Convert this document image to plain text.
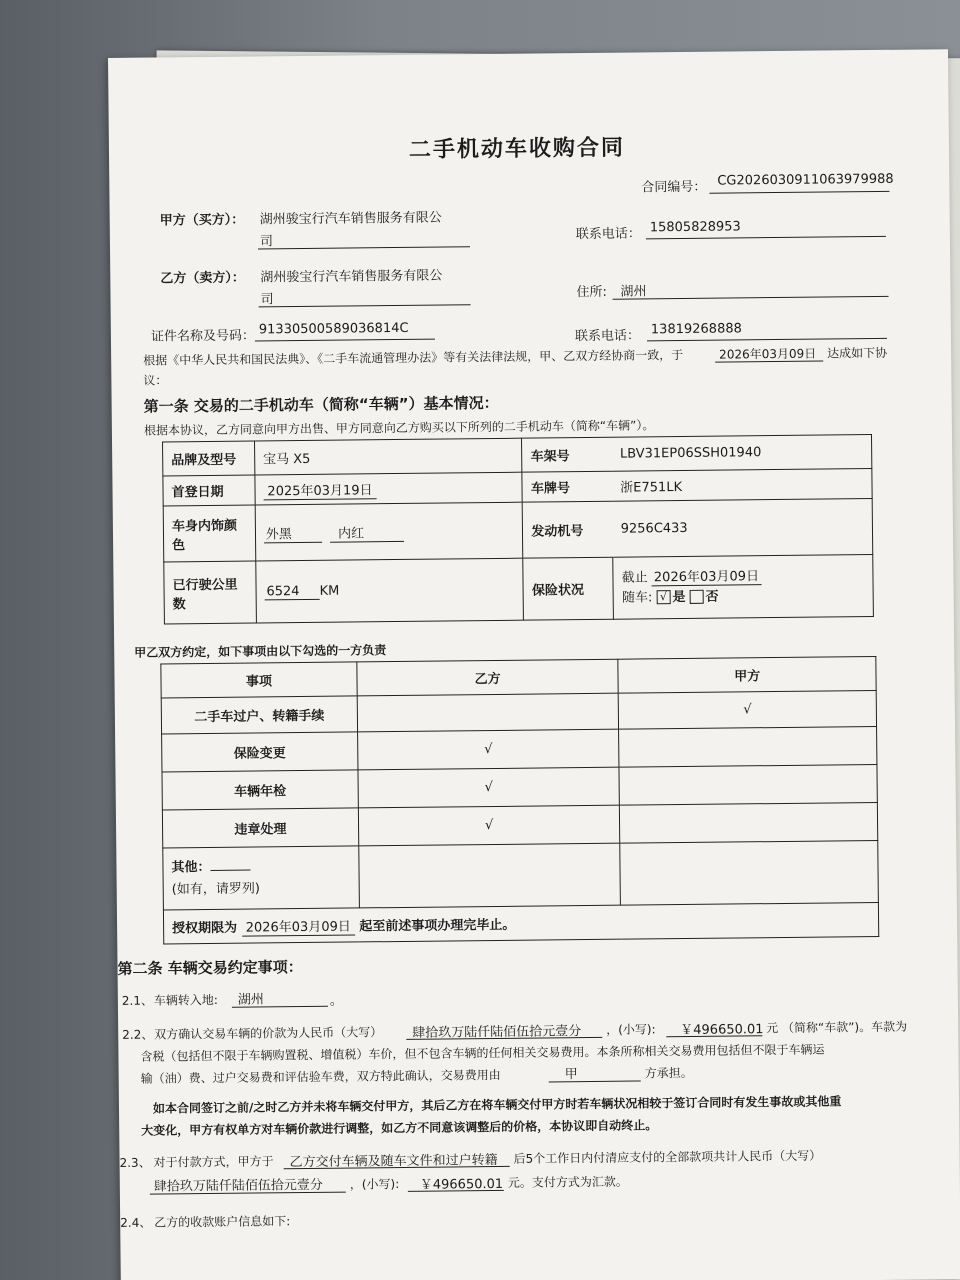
二手机动车收购合同
合同编号： CG2026030911063979988
甲方（买方）： 湖州骏宝行汽车销售服务有限公
司	联系电话： 15805828953
乙方（卖方）： 湖州骏宝行汽车销售服务有限公
司	住所: 湖州
证件名称及号码： 91330500589036814C	联系电话： 13819268888
根据《中华人民共和国民法典》、《二手车流通管理办法》等有关法律法规，甲、乙双方经协商一致，于	2026年03月09日 达成如下协
议：
第一条 交易的二手机动车（简称“车辆”）基本情况：
根据本协议，乙方同意向甲方出售、甲方同意向乙方购买以下所列的二手机动车（简称“车辆”）。
品牌及型号	宝马 X5	车架号	LBV31EP06SSH01940
首登日期	2025年03月19日	车牌号	浙E751LK
车身内饰颜
色	外黑 内红	发动机号	9256C433
已行驶公里
数	6524 KM	保险状况	截止 2026年03月09日
随车: √ 是 否
甲乙双方约定，如下事项由以下勾选的一方负责
事项	乙方	甲方
二手车过户、转籍手续		√
保险变更	√	
车辆年检	√	
违章处理	√	
其他：
(如有，请罗列)		
授权期限为 2026年03月09日 起至前述事项办理完毕止。		
第二条 车辆交易约定事项：
2.1、 车辆转入地: 湖州	。
2.2、 双方确认交易车辆的价款为人民币（大写） 肆拾玖万陆仟陆佰伍拾元壹分 ，(小写): ￥496650.01 元 （简称“车款”)。车款为
含税（包括但不限于车辆购置税、增值税）车价，但不包含车辆的任何相关交易费用。本条所称相关交易费用包括但不限于车辆运
输（油）费、过户交易费和评估验车费，双方特此确认，交易费用由	甲	方承担。
如本合同签订之前/之时乙方并未将车辆交付甲方，其后乙方在将车辆交付甲方时若车辆状况相较于签订合同时有发生事故或其他重
大变化，甲方有权单方对车辆价款进行调整，如乙方不同意该调整后的价格，本协议即自动终止。
2.3、 对于付款方式，甲方于 乙方交付车辆及随车文件和过户转籍 后5个工作日内付清应支付的全部款项共计人民币（大写）
肆拾玖万陆仟陆佰伍拾元壹分 ，(小写): ￥496650.01 元。支付方式为汇款。
2.4、 乙方的收款账户信息如下:
